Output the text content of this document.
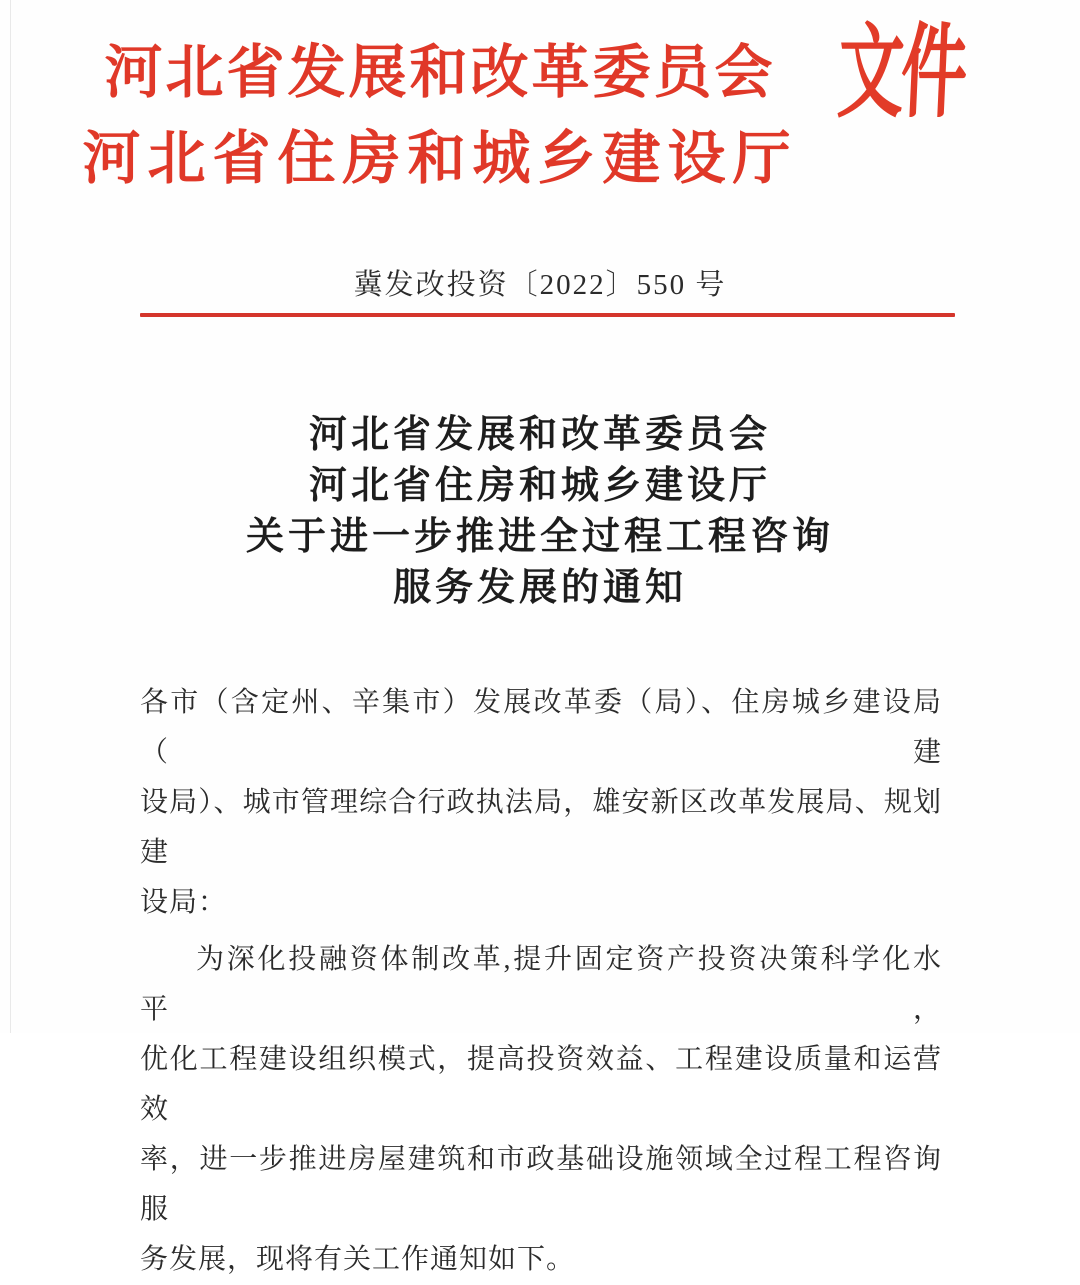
河北省发展和改革委员会
河北省住房和城乡建设厅
文件
冀发改投资〔2022〕550 号
河北省发展和改革委员会
河北省住房和城乡建设厅
关于进一步推进全过程工程咨询
服务发展的通知
各市（含定州、辛集市）发展改革委（局）、住房城乡建设局（建
设局）、城市管理综合行政执法局，雄安新区改革发展局、规划建
设局：
为深化投融资体制改革,提升固定资产投资决策科学化水平，
优化工程建设组织模式，提高投资效益、工程建设质量和运营效
率，进一步推进房屋建筑和市政基础设施领域全过程工程咨询服
务发展，现将有关工作通知如下。
